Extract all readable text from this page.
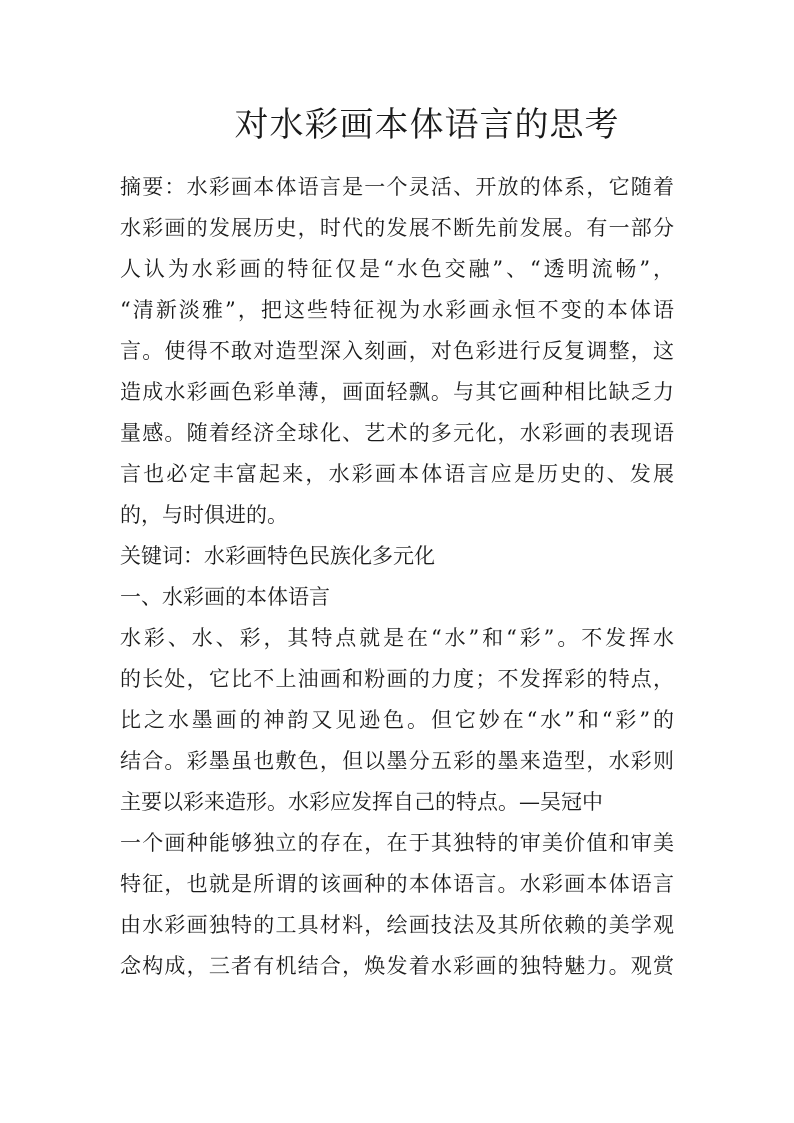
对水彩画本体语言的思考
摘要：水彩画本体语言是一个灵活、开放的体系，它随着
水彩画的发展历史，时代的发展不断先前发展。有一部分
人认为水彩画的特征仅是“水色交融”、“透明流畅”，
“清新淡雅”，把这些特征视为水彩画永恒不变的本体语
言。使得不敢对造型深入刻画，对色彩进行反复调整，这
造成水彩画色彩单薄，画面轻飘。与其它画种相比缺乏力
量感。随着经济全球化、艺术的多元化，水彩画的表现语
言也必定丰富起来，水彩画本体语言应是历史的、发展
的，与时俱进的。
关键词：水彩画特色民族化多元化
一、水彩画的本体语言
水彩、水、彩，其特点就是在“水”和“彩”。不发挥水
的长处，它比不上油画和粉画的力度；不发挥彩的特点，
比之水墨画的神韵又见逊色。但它妙在“水”和“彩”的
结合。彩墨虽也敷色，但以墨分五彩的墨来造型，水彩则
主要以彩来造形。水彩应发挥自己的特点。—吴冠中
一个画种能够独立的存在，在于其独特的审美价值和审美
特征，也就是所谓的该画种的本体语言。水彩画本体语言
由水彩画独特的工具材料，绘画技法及其所依赖的美学观
念构成，三者有机结合，焕发着水彩画的独特魅力。观赏
